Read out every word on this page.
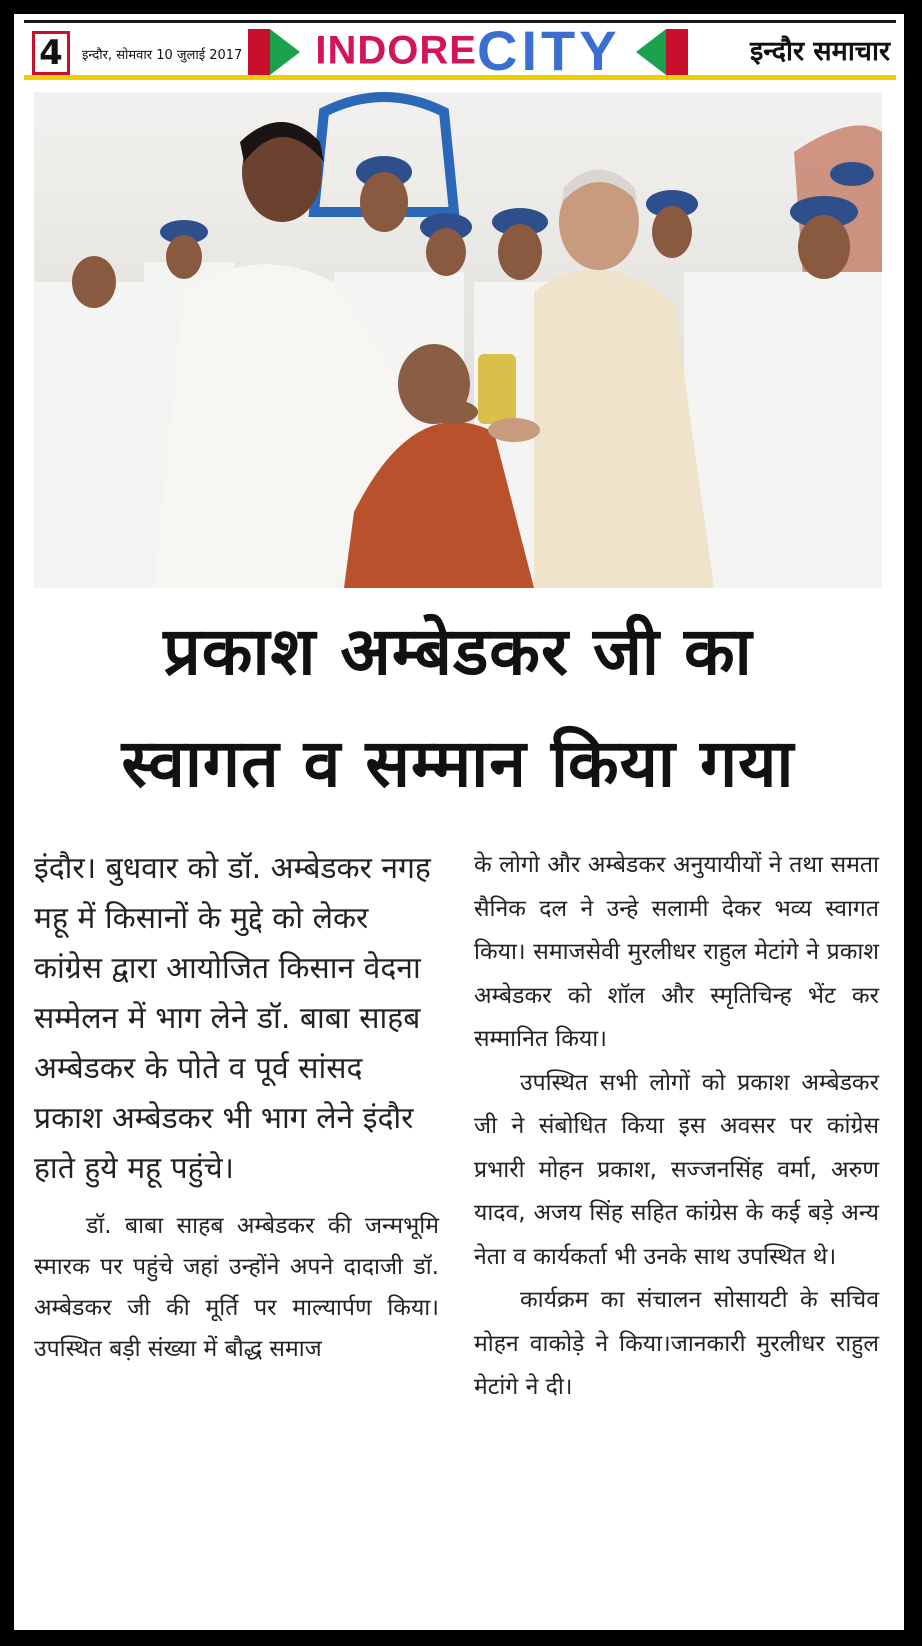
4	इन्दौर, सोमवार 10 जुलाई 2017 INDORECITY	इन्दौर समाचार
प्रकाश अम्बेडकर जी का
स्वागत व सम्मान किया गया

इंदौर। बुधवार को डॉ. अम्बेडकर नगह महू में किसानों के मुद्दे को लेकर कांग्रेस द्वारा आयोजित किसान वेदना सम्मेलन में भाग लेने डॉ. बाबा साहब अम्बेडकर के पोते व पूर्व सांसद प्रकाश अम्बेडकर भी भाग लेने इंदौर हाते हुये महू पहुंचे।

डॉ. बाबा साहब अम्बेडकर की जन्मभूमि स्मारक पर पहुंचे जहां उन्होंने अपने दादाजी डॉ. अम्बेडकर जी की मूर्ति पर माल्यार्पण किया। उपस्थित बड़ी संख्या में बौद्ध समाज

के लोगो और अम्बेडकर अनुयायीयों ने तथा समता सैनिक दल ने उन्हे सलामी देकर भव्य स्वागत किया। समाजसेवी मुरलीधर राहुल मेटांगे ने प्रकाश अम्बेडकर को शॉल और स्मृतिचिन्ह भेंट कर सम्मानित किया।

उपस्थित सभी लोगों को प्रकाश अम्बेडकर जी ने संबोधित किया इस अवसर पर कांग्रेस प्रभारी मोहन प्रकाश, सज्जनसिंह वर्मा, अरुण यादव, अजय सिंह सहित कांग्रेस के कई बड़े अन्य नेता व कार्यकर्ता भी उनके साथ उपस्थित थे।

कार्यक्रम का संचालन सोसायटी के सचिव मोहन वाकोड़े ने किया।जानकारी मुरलीधर राहुल मेटांगे ने दी।
